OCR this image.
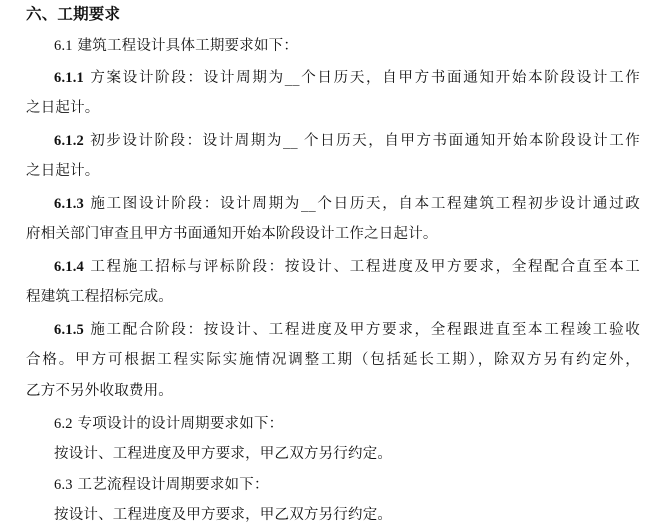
六、工期要求
6.1 建筑工程设计具体工期要求如下：
6.1.1 方案设计阶段：设计周期为__个日历天，自甲方书面通知开始本阶段设计工作
之日起计。
6.1.2 初步设计阶段：设计周期为__ 个日历天，自甲方书面通知开始本阶段设计工作
之日起计。
6.1.3 施工图设计阶段：设计周期为__个日历天，自本工程建筑工程初步设计通过政
府相关部门审查且甲方书面通知开始本阶段设计工作之日起计。
6.1.4 工程施工招标与评标阶段：按设计、工程进度及甲方要求，全程配合直至本工
程建筑工程招标完成。
6.1.5 施工配合阶段：按设计、工程进度及甲方要求，全程跟进直至本工程竣工验收
合格。甲方可根据工程实际实施情况调整工期（包括延长工期），除双方另有约定外，
乙方不另外收取费用。
6.2 专项设计的设计周期要求如下：
按设计、工程进度及甲方要求，甲乙双方另行约定。
6.3 工艺流程设计周期要求如下：
按设计、工程进度及甲方要求，甲乙双方另行约定。
